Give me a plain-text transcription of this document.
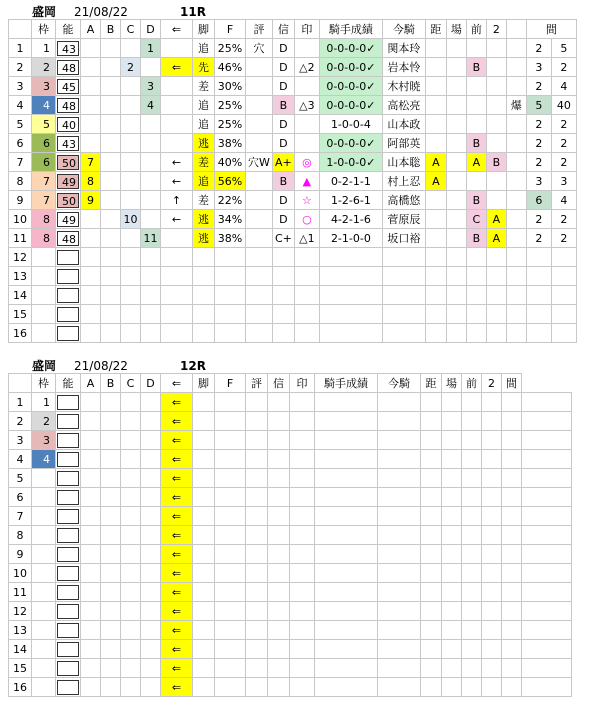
盛岡 21/08/22	11R
	枠	能	A	B	C	D	⇐	脚	F	評	信	印	騎手成績	今騎	距	場	前	2		間	
1	1	43				1		追	25%	穴	D		0-0-0-0✓	関本玲						2	5
2	2	48			2		⇐	先	46%		D	△2	0-0-0-0✓	岩本怜			B			3	2
3	3	45				3		差	30%		D		0-0-0-0✓	木村暁						2	4
4	4	48				4		追	25%		B	△3	0-0-0-0✓	高松亮					爆	5	40
5	5	40						追	25%		D		1-0-0-4	山本政						2	2
6	6	43						逃	38%		D		0-0-0-0✓	阿部英			B			2	2
7	6	50	7				←	差	40%	穴W	A+	◎	1-0-0-0✓	山本聡	A		A	B		2	2
8	7	49	8				←	追	56%		B	▲	0-2-1-1	村上忍	A					3	3
9	7	50	9				↑	差	22%		D	☆	1-2-6-1	高橋悠			B			6	4
10	8	49			10		←	逃	34%		D	○	4-2-1-6	菅原辰			C	A		2	2
11	8	48				11		逃	38%		C+	△1	2-1-0-0	坂口裕			B	A		2	2
12		

13		

14		

15		

16		

盛岡 21/08/22	12R
	枠	能	A	B	C	D	⇐	脚	F	評	信	印	騎手成績	今騎	距	場	前	2	間	
1	1						⇐													
2	2						⇐													
3	3						⇐													
4	4						⇐													
5							⇐													
6							⇐													
7							⇐													
8							⇐													
9							⇐													
10							⇐													
11							⇐													
12							⇐													
13							⇐													
14							⇐													
15							⇐													
16							⇐													
